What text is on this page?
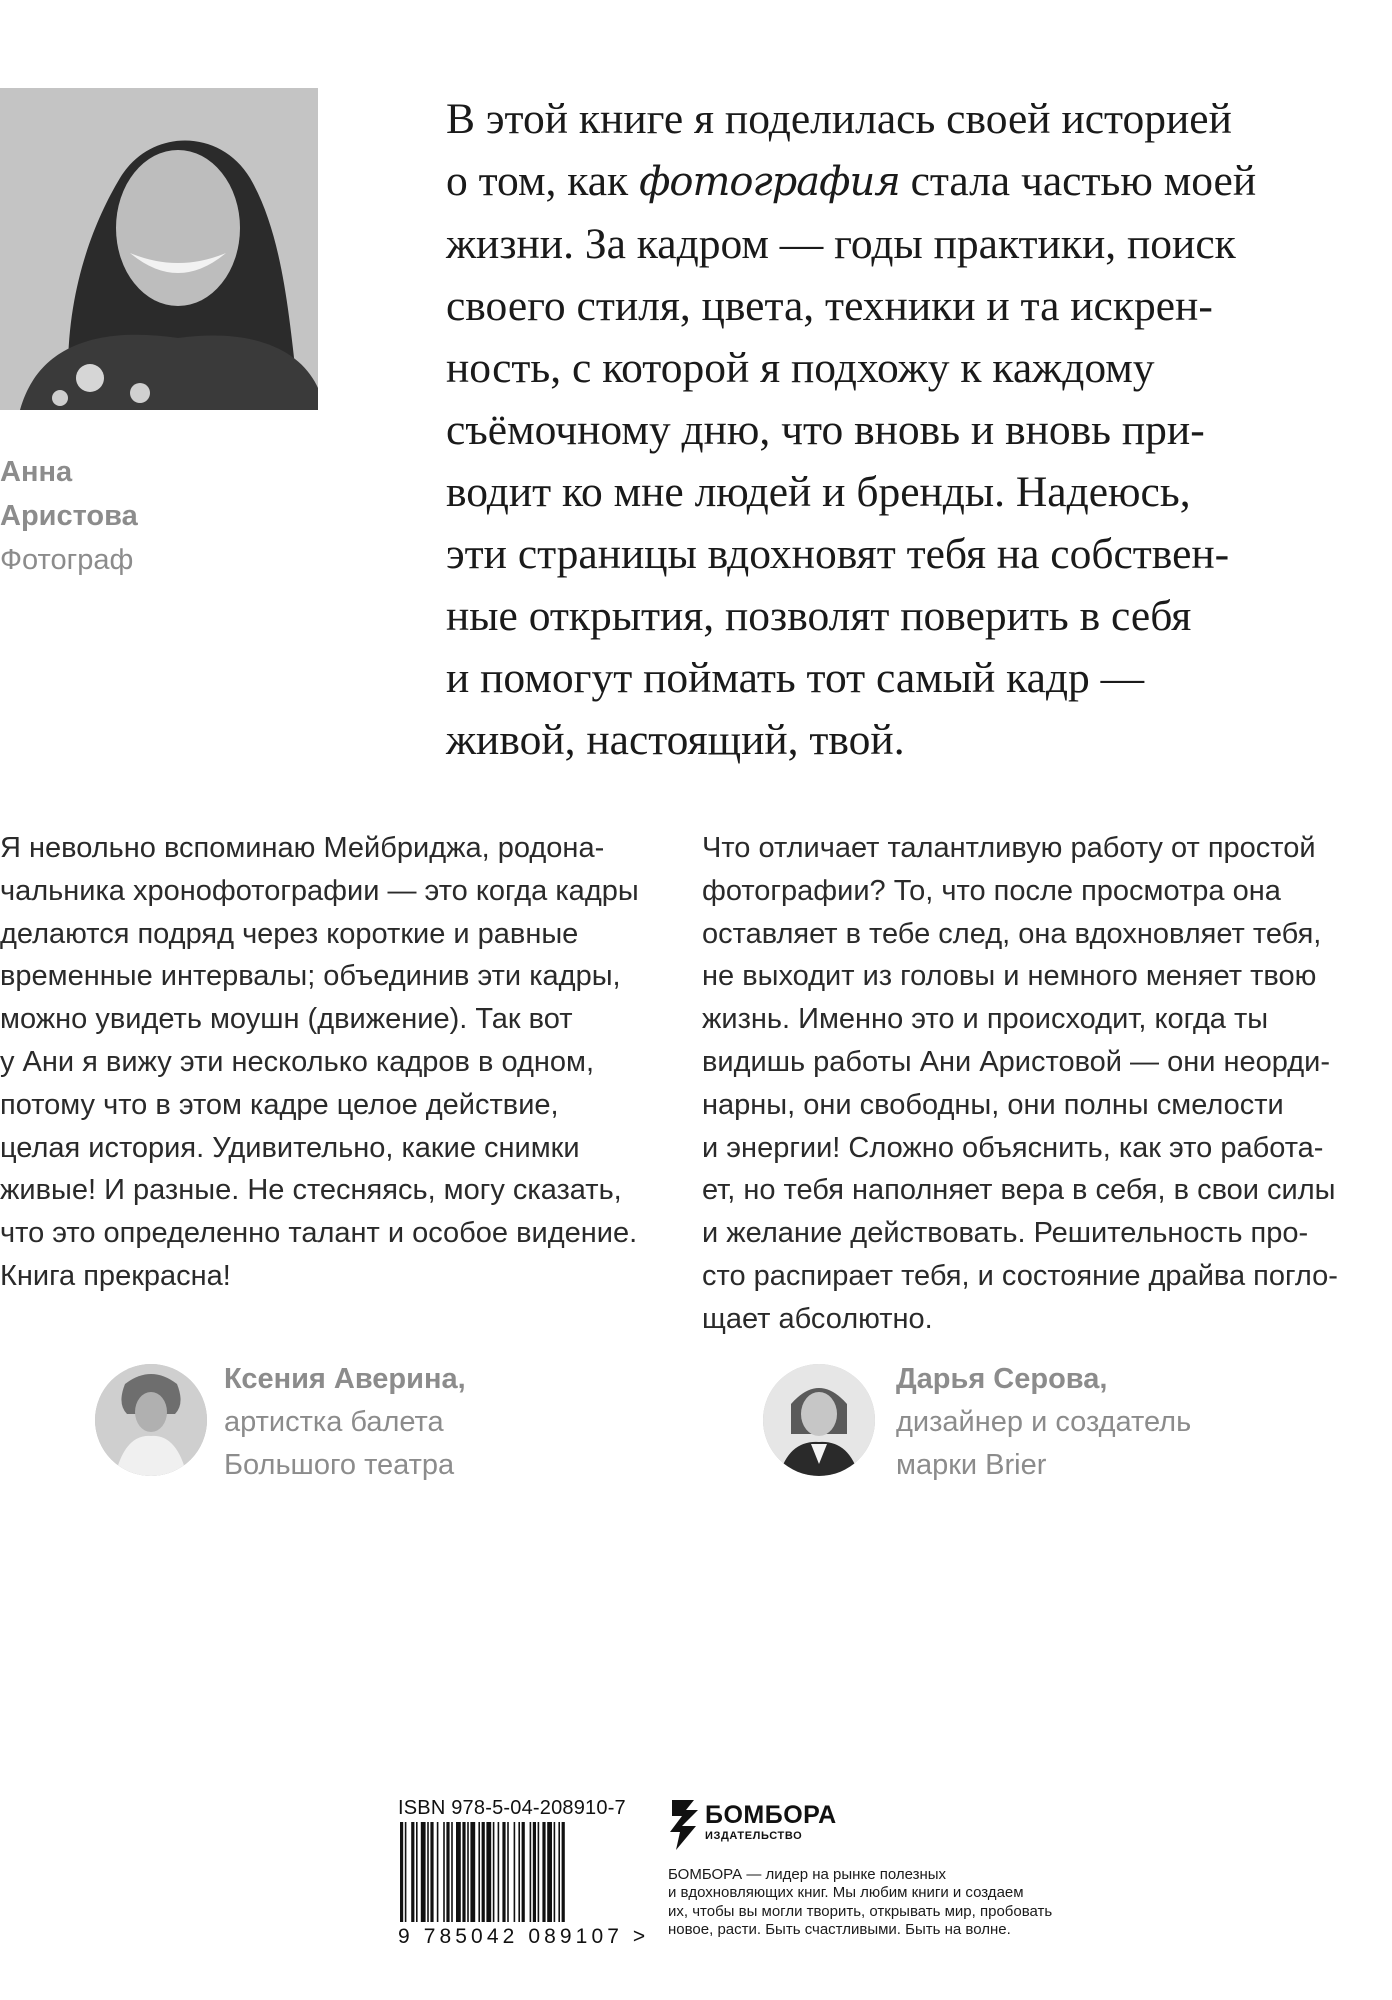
Анна
Аристова
Фотограф
В этой книге я поделилась своей историей
о том, как фотография стала частью моей
жизни. За кадром — годы практики, поиск
своего стиля, цвета, техники и та искрен-
ность, с которой я подхожу к каждому
съёмочному дню, что вновь и вновь при-
водит ко мне людей и бренды. Надеюсь,
эти страницы вдохновят тебя на собствен-
ные открытия, позволят поверить в себя
и помогут поймать тот самый кадр —
живой, настоящий, твой.
Я невольно вспоминаю Мейбриджа, родона-
чальника хронофотографии — это когда кадры
делаются подряд через короткие и равные
временные интервалы; объединив эти кадры,
можно увидеть моушн (движение). Так вот
у Ани я вижу эти несколько кадров в одном,
потому что в этом кадре целое действие,
целая история. Удивительно, какие снимки
живые! И разные. Не стесняясь, могу сказать,
что это определенно талант и особое видение.
Книга прекрасна!
Что отличает талантливую работу от простой
фотографии? То, что после просмотра она
оставляет в тебе след, она вдохновляет тебя,
не выходит из головы и немного меняет твою
жизнь. Именно это и происходит, когда ты
видишь работы Ани Аристовой — они неорди-
нарны, они свободны, они полны смелости
и энергии! Сложно объяснить, как это работа-
ет, но тебя наполняет вера в себя, в свои силы
и желание действовать. Решительность про-
сто распирает тебя, и состояние драйва погло-
щает абсолютно.
Ксения Аверина,
артистка балета
Большого театра
Дарья Серова,
дизайнер и создатель
марки Brier
ISBN 978-5-04-208910-7
9 785042 089107 >
БОМБОРА
ИЗДАТЕЛЬСТВО
БОМБОРА — лидер на рынке полезных
и вдохновляющих книг. Мы любим книги и создаем
их, чтобы вы могли творить, открывать мир, пробовать
новое, расти. Быть счастливыми. Быть на волне.
